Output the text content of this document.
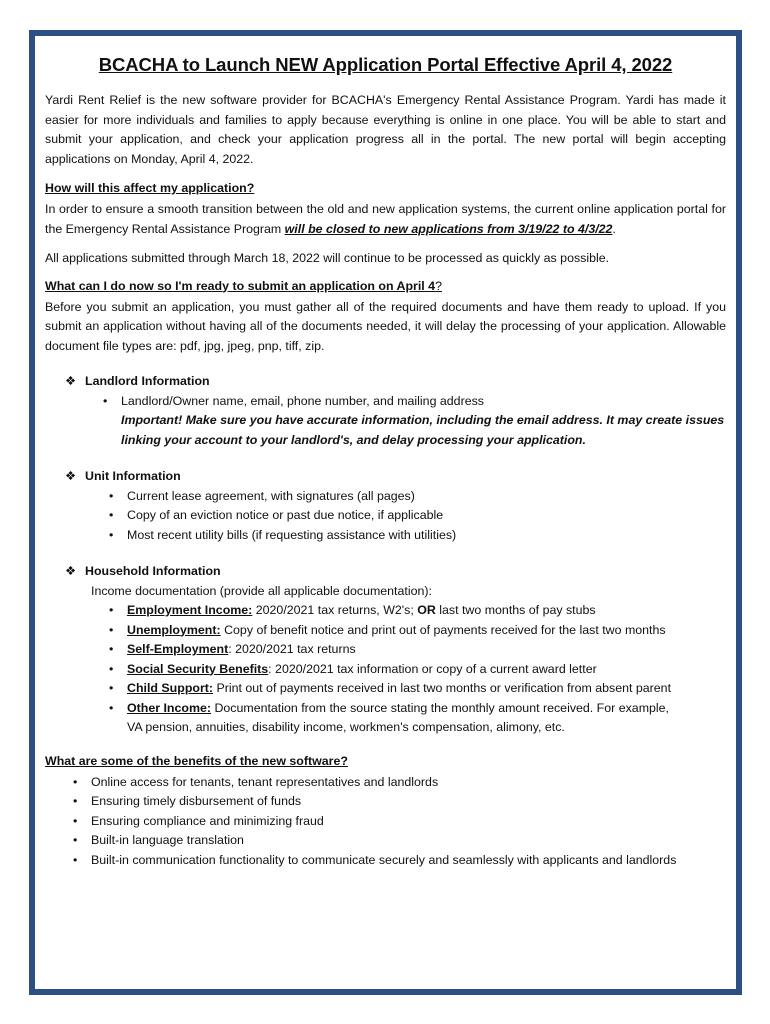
BCACHA to Launch NEW Application Portal Effective April 4, 2022

Yardi Rent Relief is the new software provider for BCACHA's Emergency Rental Assistance Program. Yardi has made it easier for more individuals and families to apply because everything is online in one place. You will be able to start and submit your application, and check your application progress all in the portal. The new portal will begin accepting applications on Monday, April 4, 2022.

How will this affect my application?

In order to ensure a smooth transition between the old and new application systems, the current online application portal for the Emergency Rental Assistance Program will be closed to new applications from 3/19/22 to 4/3/22.

All applications submitted through March 18, 2022 will continue to be processed as quickly as possible.

What can I do now so I'm ready to submit an application on April 4?

Before you submit an application, you must gather all of the required documents and have them ready to upload. If you submit an application without having all of the documents needed, it will delay the processing of your application. Allowable document file types are: pdf, jpg, jpeg, pnp, tiff, zip.

❖ Landlord Information
• Landlord/Owner name, email, phone number, and mailing address
Important! Make sure you have accurate information, including the email address. It may create issues linking your account to your landlord's, and delay processing your application.
❖ Unit Information
• Current lease agreement, with signatures (all pages)
• Copy of an eviction notice or past due notice, if applicable
• Most recent utility bills (if requesting assistance with utilities)
❖ Household Information
Income documentation (provide all applicable documentation):
• Employment Income: 2020/2021 tax returns, W2's; OR last two months of pay stubs
• Unemployment: Copy of benefit notice and print out of payments received for the last two months
• Self-Employment: 2020/2021 tax returns
• Social Security Benefits: 2020/2021 tax information or copy of a current award letter
• Child Support: Print out of payments received in last two months or verification from absent parent
• Other Income: Documentation from the source stating the monthly amount received. For example, VA pension, annuities, disability income, workmen's compensation, alimony, etc.
What are some of the benefits of the new software?
• Online access for tenants, tenant representatives and landlords
• Ensuring timely disbursement of funds
• Ensuring compliance and minimizing fraud
• Built-in language translation
• Built-in communication functionality to communicate securely and seamlessly with applicants and landlords
